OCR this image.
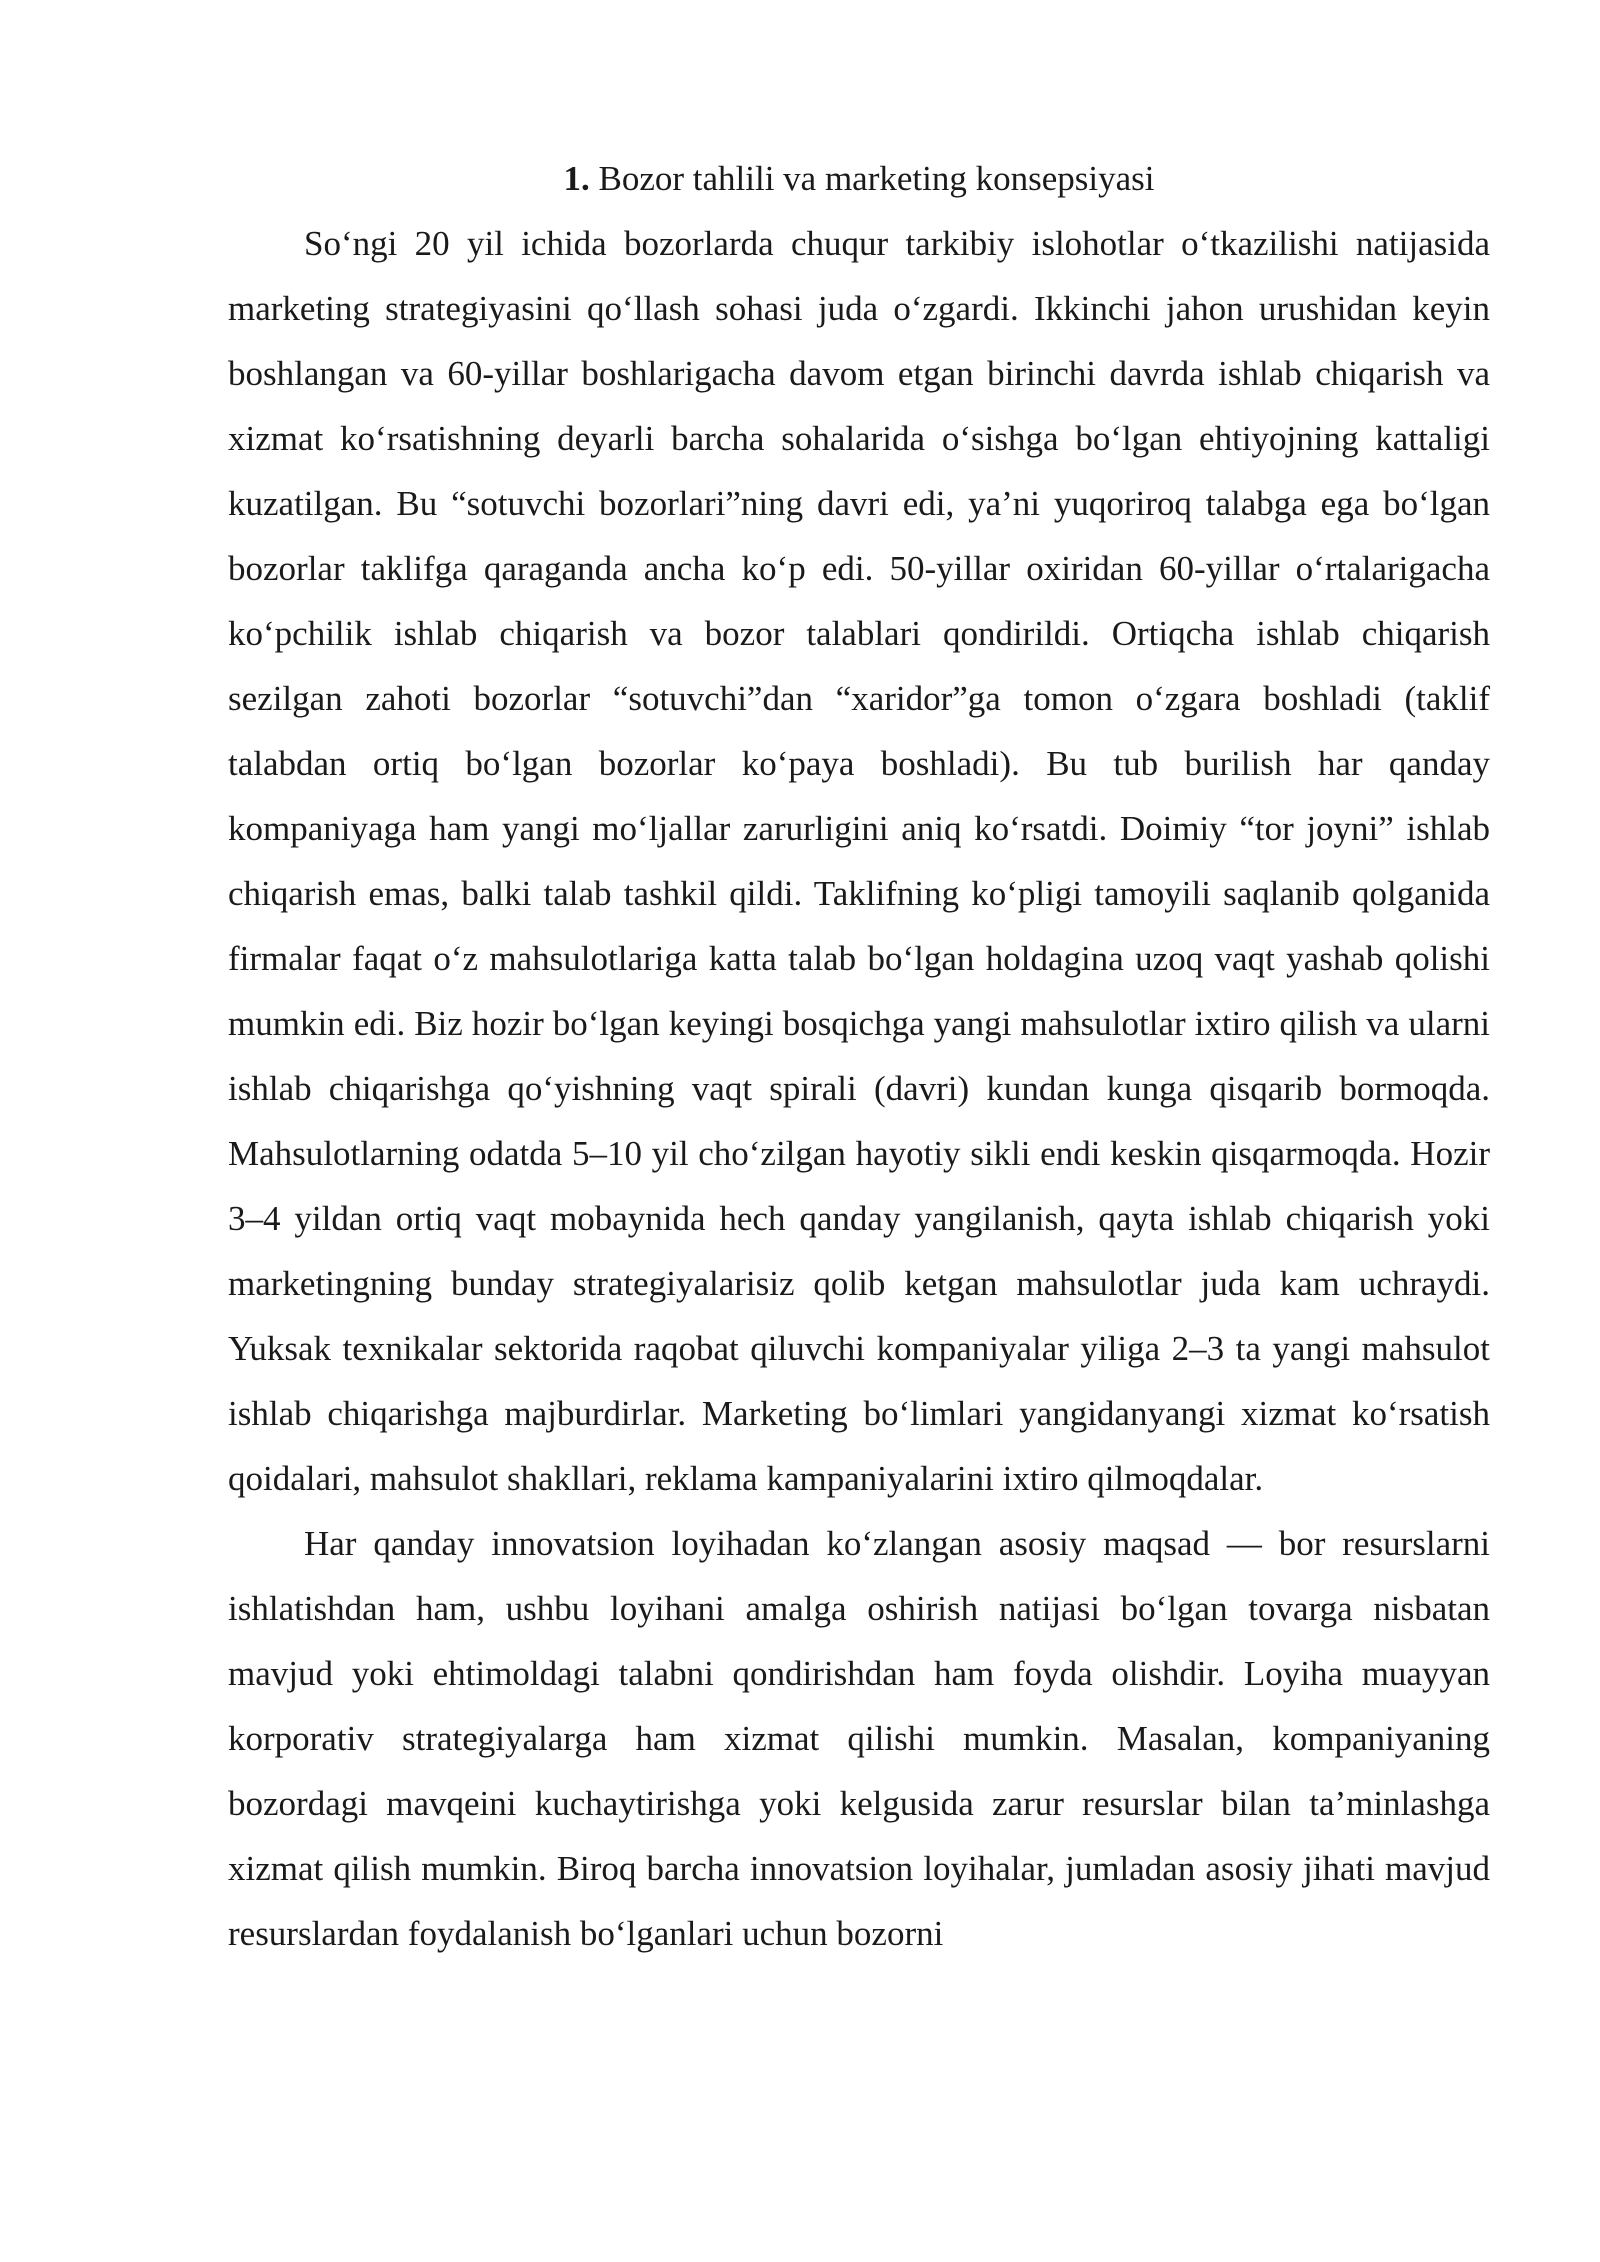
1. Bozor tahlili va marketing konsepsiyasi

So‘ngi 20 yil ichida bozorlarda chuqur tarkibiy islohotlar o‘tkazilishi natijasida marketing strategiyasini qo‘llash sohasi juda o‘zgardi. Ikkinchi jahon urushidan keyin boshlangan va 60-yillar boshlarigacha davom etgan birinchi davrda ishlab chiqarish va xizmat ko‘rsatishning deyarli barcha sohalarida o‘sishga bo‘lgan ehtiyojning kattaligi kuzatilgan. Bu “sotuvchi bozorlari”ning davri edi, ya’ni yuqoriroq talabga ega bo‘lgan bozorlar taklifga qaraganda ancha ko‘p edi. 50-yillar oxiridan 60-yillar o‘rtalarigacha ko‘pchilik ishlab chiqarish va bozor talablari qondirildi. Ortiqcha ishlab chiqarish sezilgan zahoti bozorlar “sotuvchi”dan “xaridor”ga tomon o‘zgara boshladi (taklif talabdan ortiq bo‘lgan bozorlar ko‘paya boshladi). Bu tub burilish har qanday kompaniyaga ham yangi mo‘ljallar zarurligini aniq ko‘rsatdi. Doimiy “tor joyni” ishlab chiqarish emas, balki talab tashkil qildi. Taklifning ko‘pligi tamoyili saqlanib qolganida firmalar faqat o‘z mahsulotlariga katta talab bo‘lgan holdagina uzoq vaqt yashab qolishi mumkin edi. Biz hozir bo‘lgan keyingi bosqichga yangi mahsulotlar ixtiro qilish va ularni ishlab chiqarishga qo‘yishning vaqt spirali (davri) kundan kunga qisqarib bormoqda. Mahsulotlarning odatda 5–10 yil cho‘zilgan hayotiy sikli endi keskin qisqarmoqda. Hozir 3–4 yildan ortiq vaqt mobaynida hech qanday yangilanish, qayta ishlab chiqarish yoki marketingning bunday strategiyalarisiz qolib ketgan mahsulotlar juda kam uchraydi. Yuksak texnikalar sektorida raqobat qiluvchi kompaniyalar yiliga 2–3 ta yangi mahsulot ishlab chiqarishga majburdirlar. Marketing bo‘limlari yangidanyangi xizmat ko‘rsatish qoidalari, mahsulot shakllari, reklama kampaniyalarini ixtiro qilmoqdalar.

Har qanday innovatsion loyihadan ko‘zlangan asosiy maqsad — bor resurslarni ishlatishdan ham, ushbu loyihani amalga oshirish natijasi bo‘lgan tovarga nisbatan mavjud yoki ehtimoldagi talabni qondirishdan ham foyda olishdir. Loyiha muayyan korporativ strategiyalarga ham xizmat qilishi mumkin. Masalan, kompaniyaning bozordagi mavqeini kuchaytirishga yoki kelgusida zarur resurslar bilan ta’minlashga xizmat qilish mumkin. Biroq barcha innovatsion loyihalar, jumladan asosiy jihati mavjud resurslardan foydalanish bo‘lganlari uchun bozorni
